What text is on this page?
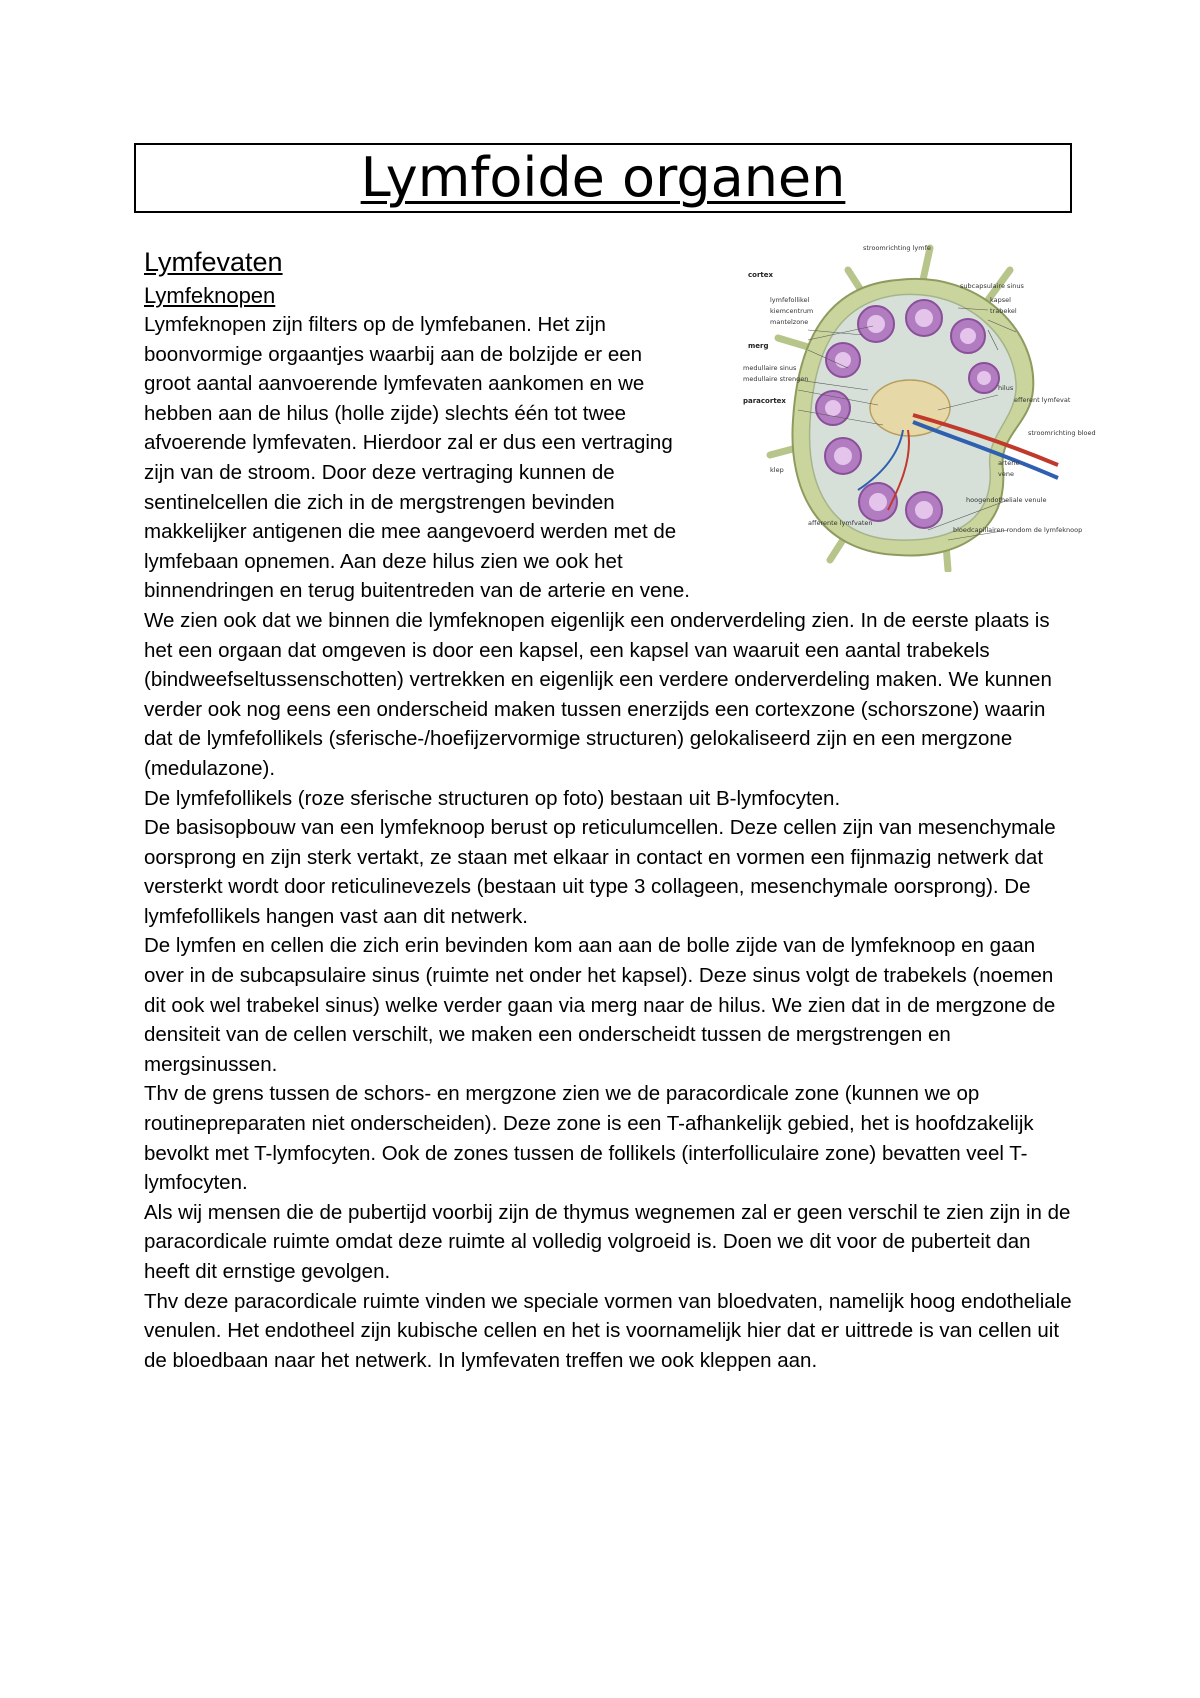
Lymfoide organen
Lymfevaten	stroomrichting lymfe
cortex
lymfefollikel
kiemcentrum
mantelzone
merg
medullaire sinus
medullaire strengen
paracortex
klep
afferente lymfvaten
subcapsulaire sinus
kapsel
trabekel
hilus
efferent lymfevat
stroomrichting bloed
arterie
vene
hoogendotheliale venule
bloedcapillairen rondom de lymfeknoop
Lymfeknopen

Lymfeknopen zijn filters op de lymfebanen. Het zijn boonvormige orgaantjes waarbij aan de bolzijde er een groot aantal aanvoerende lymfevaten aankomen en we hebben aan de hilus (holle zijde) slechts één tot twee afvoerende lymfevaten. Hierdoor zal er dus een vertraging zijn van de stroom. Door deze vertraging kunnen de sentinelcellen die zich in de mergstrengen bevinden makkelijker antigenen die mee aangevoerd werden met de lymfebaan opnemen. Aan deze hilus zien we ook het binnendringen en terug buitentreden van de arterie en vene.

We zien ook dat we binnen die lymfeknopen eigenlijk een onderverdeling zien. In de eerste plaats is het een orgaan dat omgeven is door een kapsel, een kapsel van waaruit een aantal trabekels (bindweefseltussenschotten) vertrekken en eigenlijk een verdere onderverdeling maken. We kunnen verder ook nog eens een onderscheid maken tussen enerzijds een cortexzone (schorszone) waarin dat de lymfefollikels (sferische-/hoefijzervormige structuren) gelokaliseerd zijn en een mergzone (medulazone).

De lymfefollikels (roze sferische structuren op foto) bestaan uit B-lymfocyten.

De basisopbouw van een lymfeknoop berust op reticulumcellen. Deze cellen zijn van mesenchymale oorsprong en zijn sterk vertakt, ze staan met elkaar in contact en vormen een fijnmazig netwerk dat versterkt wordt door reticulinevezels (bestaan uit type 3 collageen, mesenchymale oorsprong). De lymfefollikels hangen vast aan dit netwerk.

De lymfen en cellen die zich erin bevinden kom aan aan de bolle zijde van de lymfeknoop en gaan over in de subcapsulaire sinus (ruimte net onder het kapsel). Deze sinus volgt de trabekels (noemen dit ook wel trabekel sinus) welke verder gaan via merg naar de hilus. We zien dat in de mergzone de densiteit van de cellen verschilt, we maken een onderscheidt tussen de mergstrengen en mergsinussen.

Thv de grens tussen de schors- en mergzone zien we de paracordicale zone (kunnen we op routinepreparaten niet onderscheiden). Deze zone is een T-afhankelijk gebied, het is hoofdzakelijk bevolkt met T-lymfocyten. Ook de zones tussen de follikels (interfolliculaire zone) bevatten veel T-lymfocyten.

Als wij mensen die de pubertijd voorbij zijn de thymus wegnemen zal er geen verschil te zien zijn in de paracordicale ruimte omdat deze ruimte al volledig volgroeid is. Doen we dit voor de puberteit dan heeft dit ernstige gevolgen.

Thv deze paracordicale ruimte vinden we speciale vormen van bloedvaten, namelijk hoog endotheliale venulen. Het endotheel zijn kubische cellen en het is voornamelijk hier dat er uittrede is van cellen uit de bloedbaan naar het netwerk. In lymfevaten treffen we ook kleppen aan.
